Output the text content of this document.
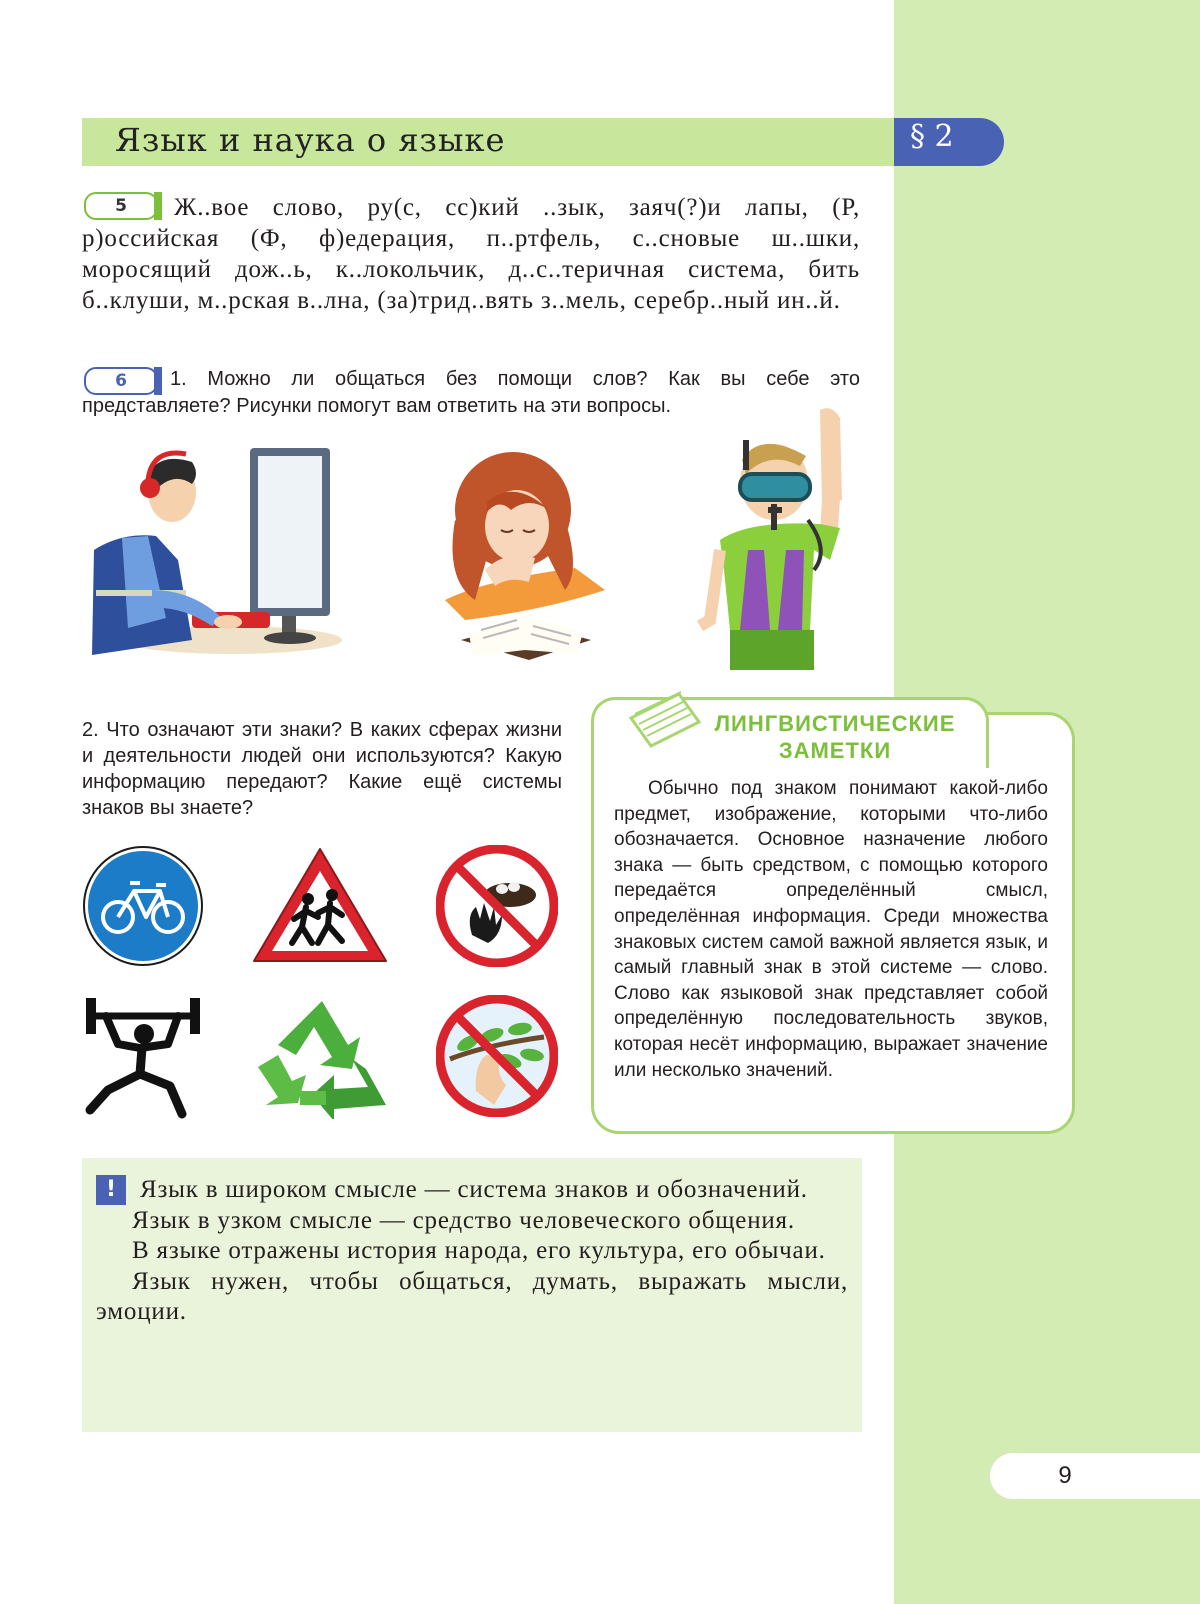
Язык и наука о языке	§ 2
Ж..вое слово, ру(с, сс)кий ..зык, заяч(?)и лапы, (Р, р)оссийская (Ф, ф)едерация, п..ртфель, с..сновые ш..шки, моросящий дож..ь, к..локольчик, д..с..теричная система, бить б..клуши, м..рская в..лна, (за)трид..вять з..мель, серебр..ный ин..й.
5
1. Можно ли общаться без помощи слов? Как вы себе это представляете? Рисунки помогут вам ответить на эти вопросы.
6
2. Что означают эти знаки? В каких сферах жизни и деятельности людей они используются? Какую информацию передают? Какие ещё системы знаков вы знаете?
ЛИНГВИСТИЧЕСКИЕ
ЗАМЕТКИ
Обычно под знаком понимают какой-либо предмет, изображение, которыми что-либо обозначается. Основное назначение любого знака — быть средством, с помощью которого передаётся определённый смысл, определённая информация. Среди множества знаковых систем самой важной является язык, и самый главный знак в этой системе — слово. Слово как языковой знак представляет собой определённую последовательность звуков, которая несёт информацию, выражает значение или несколько значений.

Язык в широком смысле — система знаков и обозначений.

Язык в узком смысле — средство человеческого общения.

В языке отражены история народа, его культура, его обычаи.

Язык нужен, чтобы общаться, думать, выражать мысли, эмоции.

!
9
